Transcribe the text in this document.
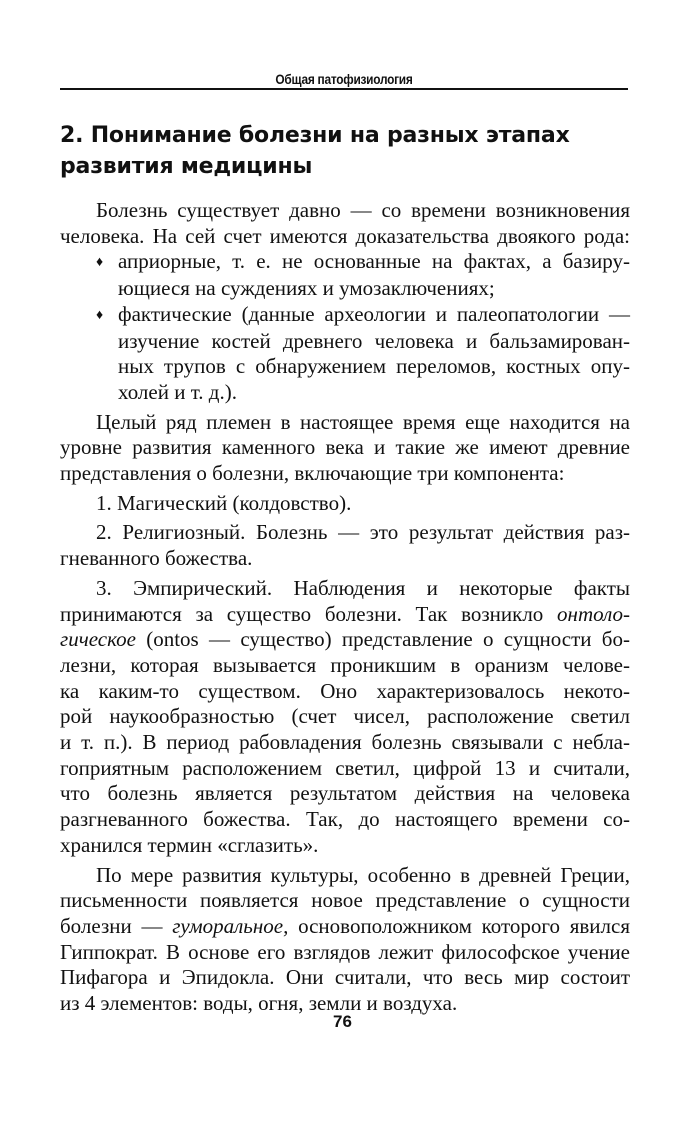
Общая патофизиология
2. Понимание болезни на разных этапах
развития медицины
Болезнь существует давно — со времени возникновения
человека. На сей счет имеются доказательства двоякого рода:
♦ априорные, т. е. не основанные на фактах, а базиру-
ющиеся на суждениях и умозаключениях;
♦ фактические (данные археологии и палеопатологии —
изучение костей древнего человека и бальзамирован-
ных трупов с обнаружением переломов, костных опу-
холей и т. д.).
Целый ряд племен в настоящее время еще находится на
уровне развития каменного века и такие же имеют древние
представления о болезни, включающие три компонента:
1. Магический (колдовство).
2. Религиозный. Болезнь — это результат действия раз-
гневанного божества.
3. Эмпирический. Наблюдения и некоторые факты
принимаются за существо болезни. Так возникло онтоло-
гическое (ontos — существо) представление о сущности бо-
лезни, которая вызывается проникшим в оранизм челове-
ка каким-то существом. Оно характеризовалось некото-
рой наукообразностью (счет чисел, расположение светил
и т. п.). В период рабовладения болезнь связывали с небла-
гоприятным расположением светил, цифрой 13 и считали,
что болезнь является результатом действия на человека
разгневанного божества. Так, до настоящего времени со-
хранился термин «сглазить».
По мере развития культуры, особенно в древней Греции,
письменности появляется новое представление о сущности
болезни — гуморальное, основоположником которого явился
Гиппократ. В основе его взглядов лежит философское учение
Пифагора и Эпидокла. Они считали, что весь мир состоит
из 4 элементов: воды, огня, земли и воздуха.
76
